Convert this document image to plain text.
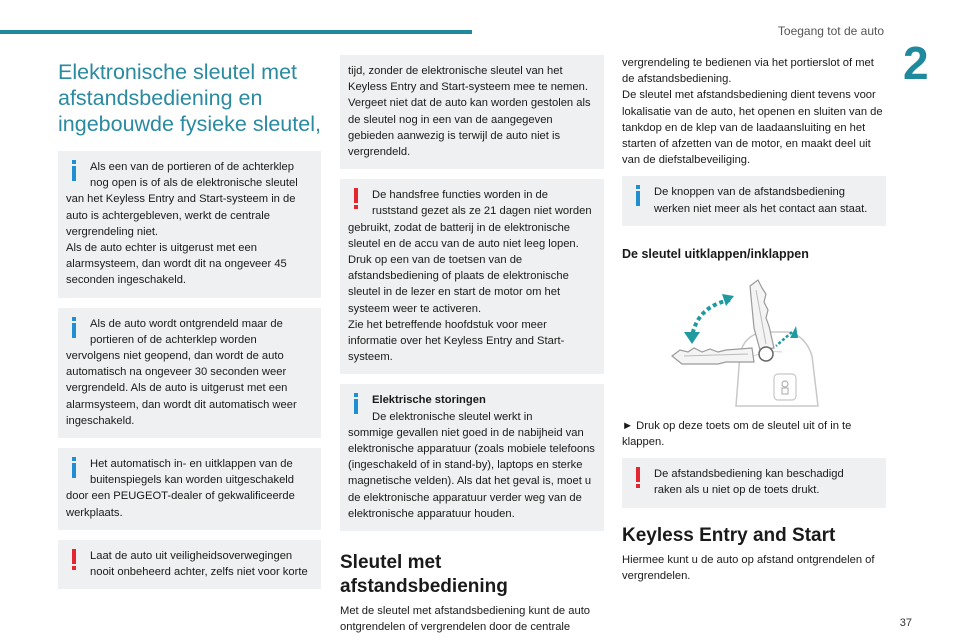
Toegang tot de auto
2
Elektronische sleutel met afstandsbediening en ingebouwde fysieke sleutel,
Als een van de portieren of de achterklep nog open is of als de elektronische sleutel
van het Keyless Entry and Start-systeem in de auto is achtergebleven, werkt de centrale vergrendeling niet.
Als de auto echter is uitgerust met een alarmsysteem, dan wordt dit na ongeveer 45 seconden ingeschakeld.
Als de auto wordt ontgrendeld maar de portieren of de achterklep worden
vervolgens niet geopend, dan wordt de auto automatisch na ongeveer 30 seconden weer vergrendeld. Als de auto is uitgerust met een alarmsysteem, dan wordt dit automatisch weer ingeschakeld.
Het automatisch in- en uitklappen van de buitenspiegels kan worden uitgeschakeld
door een PEUGEOT-dealer of gekwalificeerde werkplaats.
Laat de auto uit veiligheidsoverwegingen nooit onbeheerd achter, zelfs niet voor korte
tijd, zonder de elektronische sleutel van het Keyless Entry and Start-systeem mee te nemen. Vergeet niet dat de auto kan worden gestolen als de sleutel nog in een van de aangegeven gebieden aanwezig is terwijl de auto niet is vergrendeld.
De handsfree functies worden in de ruststand gezet als ze 21 dagen niet worden
gebruikt, zodat de batterij in de elektronische sleutel en de accu van de auto niet leeg lopen.
Druk op een van de toetsen van de afstandsbediening of plaats de elektronische sleutel in de lezer en start de motor om het systeem weer te activeren.
Zie het betreffende hoofdstuk voor meer informatie over het Keyless Entry and Start-systeem.
Elektrische storingen
De elektronische sleutel werkt in
sommige gevallen niet goed in de nabijheid van elektronische apparatuur (zoals mobiele telefoons (ingeschakeld of in stand-by), laptops en sterke magnetische velden). Als dat het geval is, moet u de elektronische apparatuur verder weg van de elektronische apparatuur houden.
Sleutel met afstandsbediening

Met de sleutel met afstandsbediening kunt de auto ontgrendelen of vergrendelen door de centrale

vergrendeling te bedienen via het portierslot of met de afstandsbediening.

De sleutel met afstandsbediening dient tevens voor lokalisatie van de auto, het openen en sluiten van de tankdop en de klep van de laadaansluiting en het starten of afzetten van de motor, en maakt deel uit van de diefstalbeveiliging.

De knoppen van de afstandsbediening
werken niet meer als het contact aan staat.
De sleutel uitklappen/inklappen

► Druk op deze toets om de sleutel uit of in te klappen.

De afstandsbediening kan beschadigd
raken als u niet op de toets drukt.
Keyless Entry and Start

Hiermee kunt u de auto op afstand ontgrendelen of vergrendelen.

37
